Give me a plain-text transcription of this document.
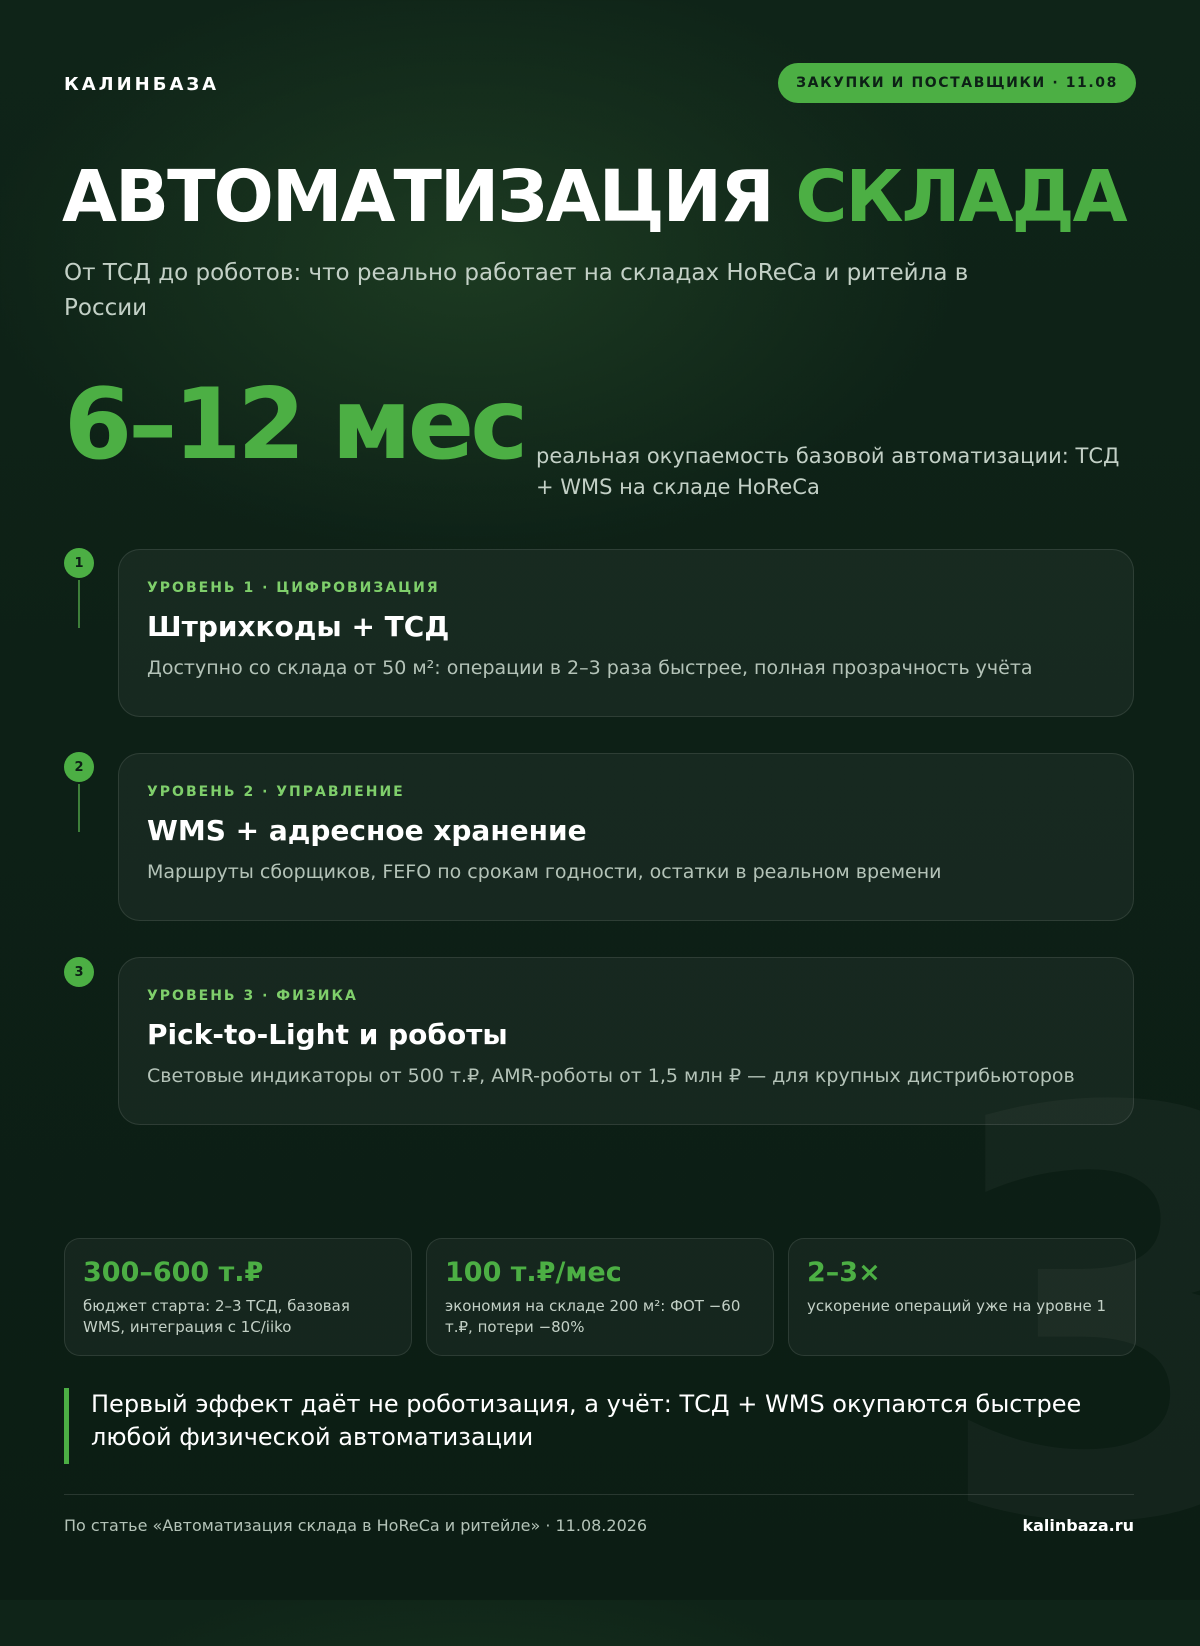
КАЛИНБАЗА	ЗАКУПКИ И ПОСТАВЩИКИ · 11.08
АВТОМАТИЗАЦИЯ СКЛАДА

От ТСД до роботов: что реально работает на складах HoReCa и ритейла в России

6–12 мес реальная окупаемость базовой автоматизации: ТСД + WMS на складе HoReCa
1
УРОВЕНЬ 1 · ЦИФРОВИЗАЦИЯ
Штрихкоды + ТСД
Доступно со склада от 50 м²: операции в 2–3 раза быстрее, полная прозрачность учёта
2
УРОВЕНЬ 2 · УПРАВЛЕНИЕ
WMS + адресное хранение
Маршруты сборщиков, FEFO по срокам годности, остатки в реальном времени
3
УРОВЕНЬ 3 · ФИЗИКА
Pick-to-Light и роботы
Световые индикаторы от 500 т.₽, AMR-роботы от 1,5 млн ₽ — для крупных дистрибьюторов
300–600 т.₽
бюджет старта: 2–3 ТСД, базовая WMS, интеграция с 1С/iiko
100 т.₽/мес
экономия на складе 200 м²: ФОТ −60 т.₽, потери −80%
2–3×
ускорение операций уже на уровне 1
Первый эффект даёт не роботизация, а учёт: ТСД + WMS окупаются быстрее любой физической автоматизации
По статье «Автоматизация склада в HoReCa и ритейле» · 11.08.2026	kalinbaza.ru
